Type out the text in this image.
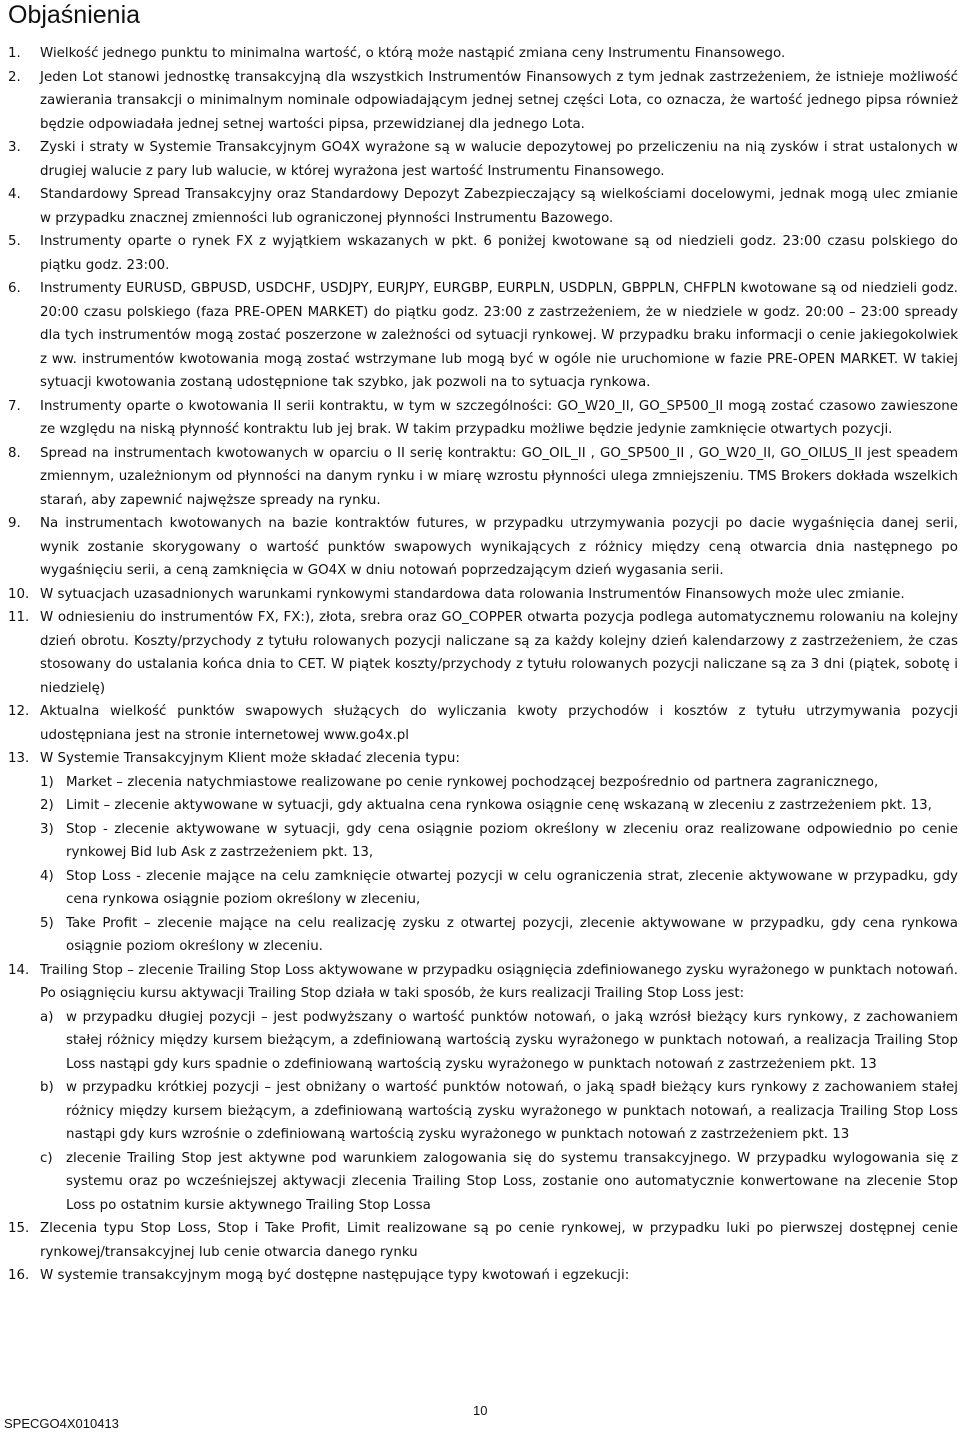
Objaśnienia
1. Wielkość jednego punktu to minimalna wartość, o którą może nastąpić zmiana ceny Instrumentu Finansowego.
2. Jeden Lot stanowi jednostkę transakcyjną dla wszystkich Instrumentów Finansowych z tym jednak zastrzeżeniem, że istnieje możliwość zawierania transakcji o minimalnym nominale odpowiadającym jednej setnej części Lota, co oznacza, że wartość jednego pipsa również będzie odpowiadała jednej setnej wartości pipsa, przewidzianej dla jednego Lota.
3. Zyski i straty w Systemie Transakcyjnym GO4X wyrażone są w walucie depozytowej po przeliczeniu na nią zysków i strat ustalonych w drugiej walucie z pary lub walucie, w której wyrażona jest wartość Instrumentu Finansowego.
4. Standardowy Spread Transakcyjny oraz Standardowy Depozyt Zabezpieczający są wielkościami docelowymi, jednak mogą ulec zmianie w przypadku znacznej zmienności lub ograniczonej płynności Instrumentu Bazowego.
5. Instrumenty oparte o rynek FX z wyjątkiem wskazanych w pkt. 6 poniżej kwotowane są od niedzieli godz. 23:00 czasu polskiego do piątku godz. 23:00.
6. Instrumenty EURUSD, GBPUSD, USDCHF, USDJPY, EURJPY, EURGBP, EURPLN, USDPLN, GBPPLN, CHFPLN kwotowane są od niedzieli godz. 20:00 czasu polskiego (faza PRE-OPEN MARKET) do piątku godz. 23:00 z zastrzeżeniem, że w niedziele w godz. 20:00 – 23:00 spready dla tych instrumentów mogą zostać poszerzone w zależności od sytuacji rynkowej. W przypadku braku informacji o cenie jakiegokolwiek z ww. instrumentów kwotowania mogą zostać wstrzymane lub mogą być w ogóle nie uruchomione w fazie PRE-OPEN MARKET. W takiej sytuacji kwotowania zostaną udostępnione tak szybko, jak pozwoli na to sytuacja rynkowa.
7. Instrumenty oparte o kwotowania II serii kontraktu, w tym w szczególności: GO_W20_II, GO_SP500_II mogą zostać czasowo zawieszone ze względu na niską płynność kontraktu lub jej brak. W takim przypadku możliwe będzie jedynie zamknięcie otwartych pozycji.
8. Spread na instrumentach kwotowanych w oparciu o II serię kontraktu: GO_OIL_II , GO_SP500_II , GO_W20_II, GO_OILUS_II jest speadem zmiennym, uzależnionym od płynności na danym rynku i w miarę wzrostu płynności ulega zmniejszeniu. TMS Brokers dokłada wszelkich starań, aby zapewnić najwęższe spready na rynku.
9. Na instrumentach kwotowanych na bazie kontraktów futures, w przypadku utrzymywania pozycji po dacie wygaśnięcia danej serii, wynik zostanie skorygowany o wartość punktów swapowych wynikających z różnicy między ceną otwarcia dnia następnego po wygaśnięciu serii, a ceną zamknięcia w GO4X w dniu notowań poprzedzającym dzień wygasania serii.
10. W sytuacjach uzasadnionych warunkami rynkowymi standardowa data rolowania Instrumentów Finansowych może ulec zmianie.
11. W odniesieniu do instrumentów FX, FX:), złota, srebra oraz GO_COPPER otwarta pozycja podlega automatycznemu rolowaniu na kolejny dzień obrotu. Koszty/przychody z tytułu rolowanych pozycji naliczane są za każdy kolejny dzień kalendarzowy z zastrzeżeniem, że czas stosowany do ustalania końca dnia to CET. W piątek koszty/przychody z tytułu rolowanych pozycji naliczane są za 3 dni (piątek, sobotę i niedzielę)
12. Aktualna wielkość punktów swapowych służących do wyliczania kwoty przychodów i kosztów z tytułu utrzymywania pozycji udostępniana jest na stronie internetowej www.go4x.pl
13. W Systemie Transakcyjnym Klient może składać zlecenia typu:
1) Market – zlecenia natychmiastowe realizowane po cenie rynkowej pochodzącej bezpośrednio od partnera zagranicznego,
2) Limit – zlecenie aktywowane w sytuacji, gdy aktualna cena rynkowa osiągnie cenę wskazaną w zleceniu z zastrzeżeniem pkt. 13,
3) Stop - zlecenie aktywowane w sytuacji, gdy cena osiągnie poziom określony w zleceniu oraz realizowane odpowiednio po cenie rynkowej Bid lub Ask z zastrzeżeniem pkt. 13,
4) Stop Loss - zlecenie mające na celu zamknięcie otwartej pozycji w celu ograniczenia strat, zlecenie aktywowane w przypadku, gdy cena rynkowa osiągnie poziom określony w zleceniu,
5) Take Profit – zlecenie mające na celu realizację zysku z otwartej pozycji, zlecenie aktywowane w przypadku, gdy cena rynkowa osiągnie poziom określony w zleceniu.
14. Trailing Stop – zlecenie Trailing Stop Loss aktywowane w przypadku osiągnięcia zdefiniowanego zysku wyrażonego w punktach notowań. Po osiągnięciu kursu aktywacji Trailing Stop działa w taki sposób, że kurs realizacji Trailing Stop Loss jest:
a) w przypadku długiej pozycji – jest podwyższany o wartość punktów notowań, o jaką wzrósł bieżący kurs rynkowy, z zachowaniem stałej różnicy między kursem bieżącym, a zdefiniowaną wartością zysku wyrażonego w punktach notowań, a realizacja Trailing Stop Loss nastąpi gdy kurs spadnie o zdefiniowaną wartością zysku wyrażonego w punktach notowań z zastrzeżeniem pkt. 13
b) w przypadku krótkiej pozycji – jest obniżany o wartość punktów notowań, o jaką spadł bieżący kurs rynkowy z zachowaniem stałej różnicy między kursem bieżącym, a zdefiniowaną wartością zysku wyrażonego w punktach notowań, a realizacja Trailing Stop Loss nastąpi gdy kurs wzrośnie o zdefiniowaną wartością zysku wyrażonego w punktach notowań z zastrzeżeniem pkt. 13
c) zlecenie Trailing Stop jest aktywne pod warunkiem zalogowania się do systemu transakcyjnego. W przypadku wylogowania się z systemu oraz po wcześniejszej aktywacji zlecenia Trailing Stop Loss, zostanie ono automatycznie konwertowane na zlecenie Stop Loss po ostatnim kursie aktywnego Trailing Stop Lossa
15. Zlecenia typu Stop Loss, Stop i Take Profit, Limit realizowane są po cenie rynkowej, w przypadku luki po pierwszej dostępnej cenie rynkowej/transakcyjnej lub cenie otwarcia danego rynku
16. W systemie transakcyjnym mogą być dostępne następujące typy kwotowań i egzekucji:
10
SPECGO4X010413
